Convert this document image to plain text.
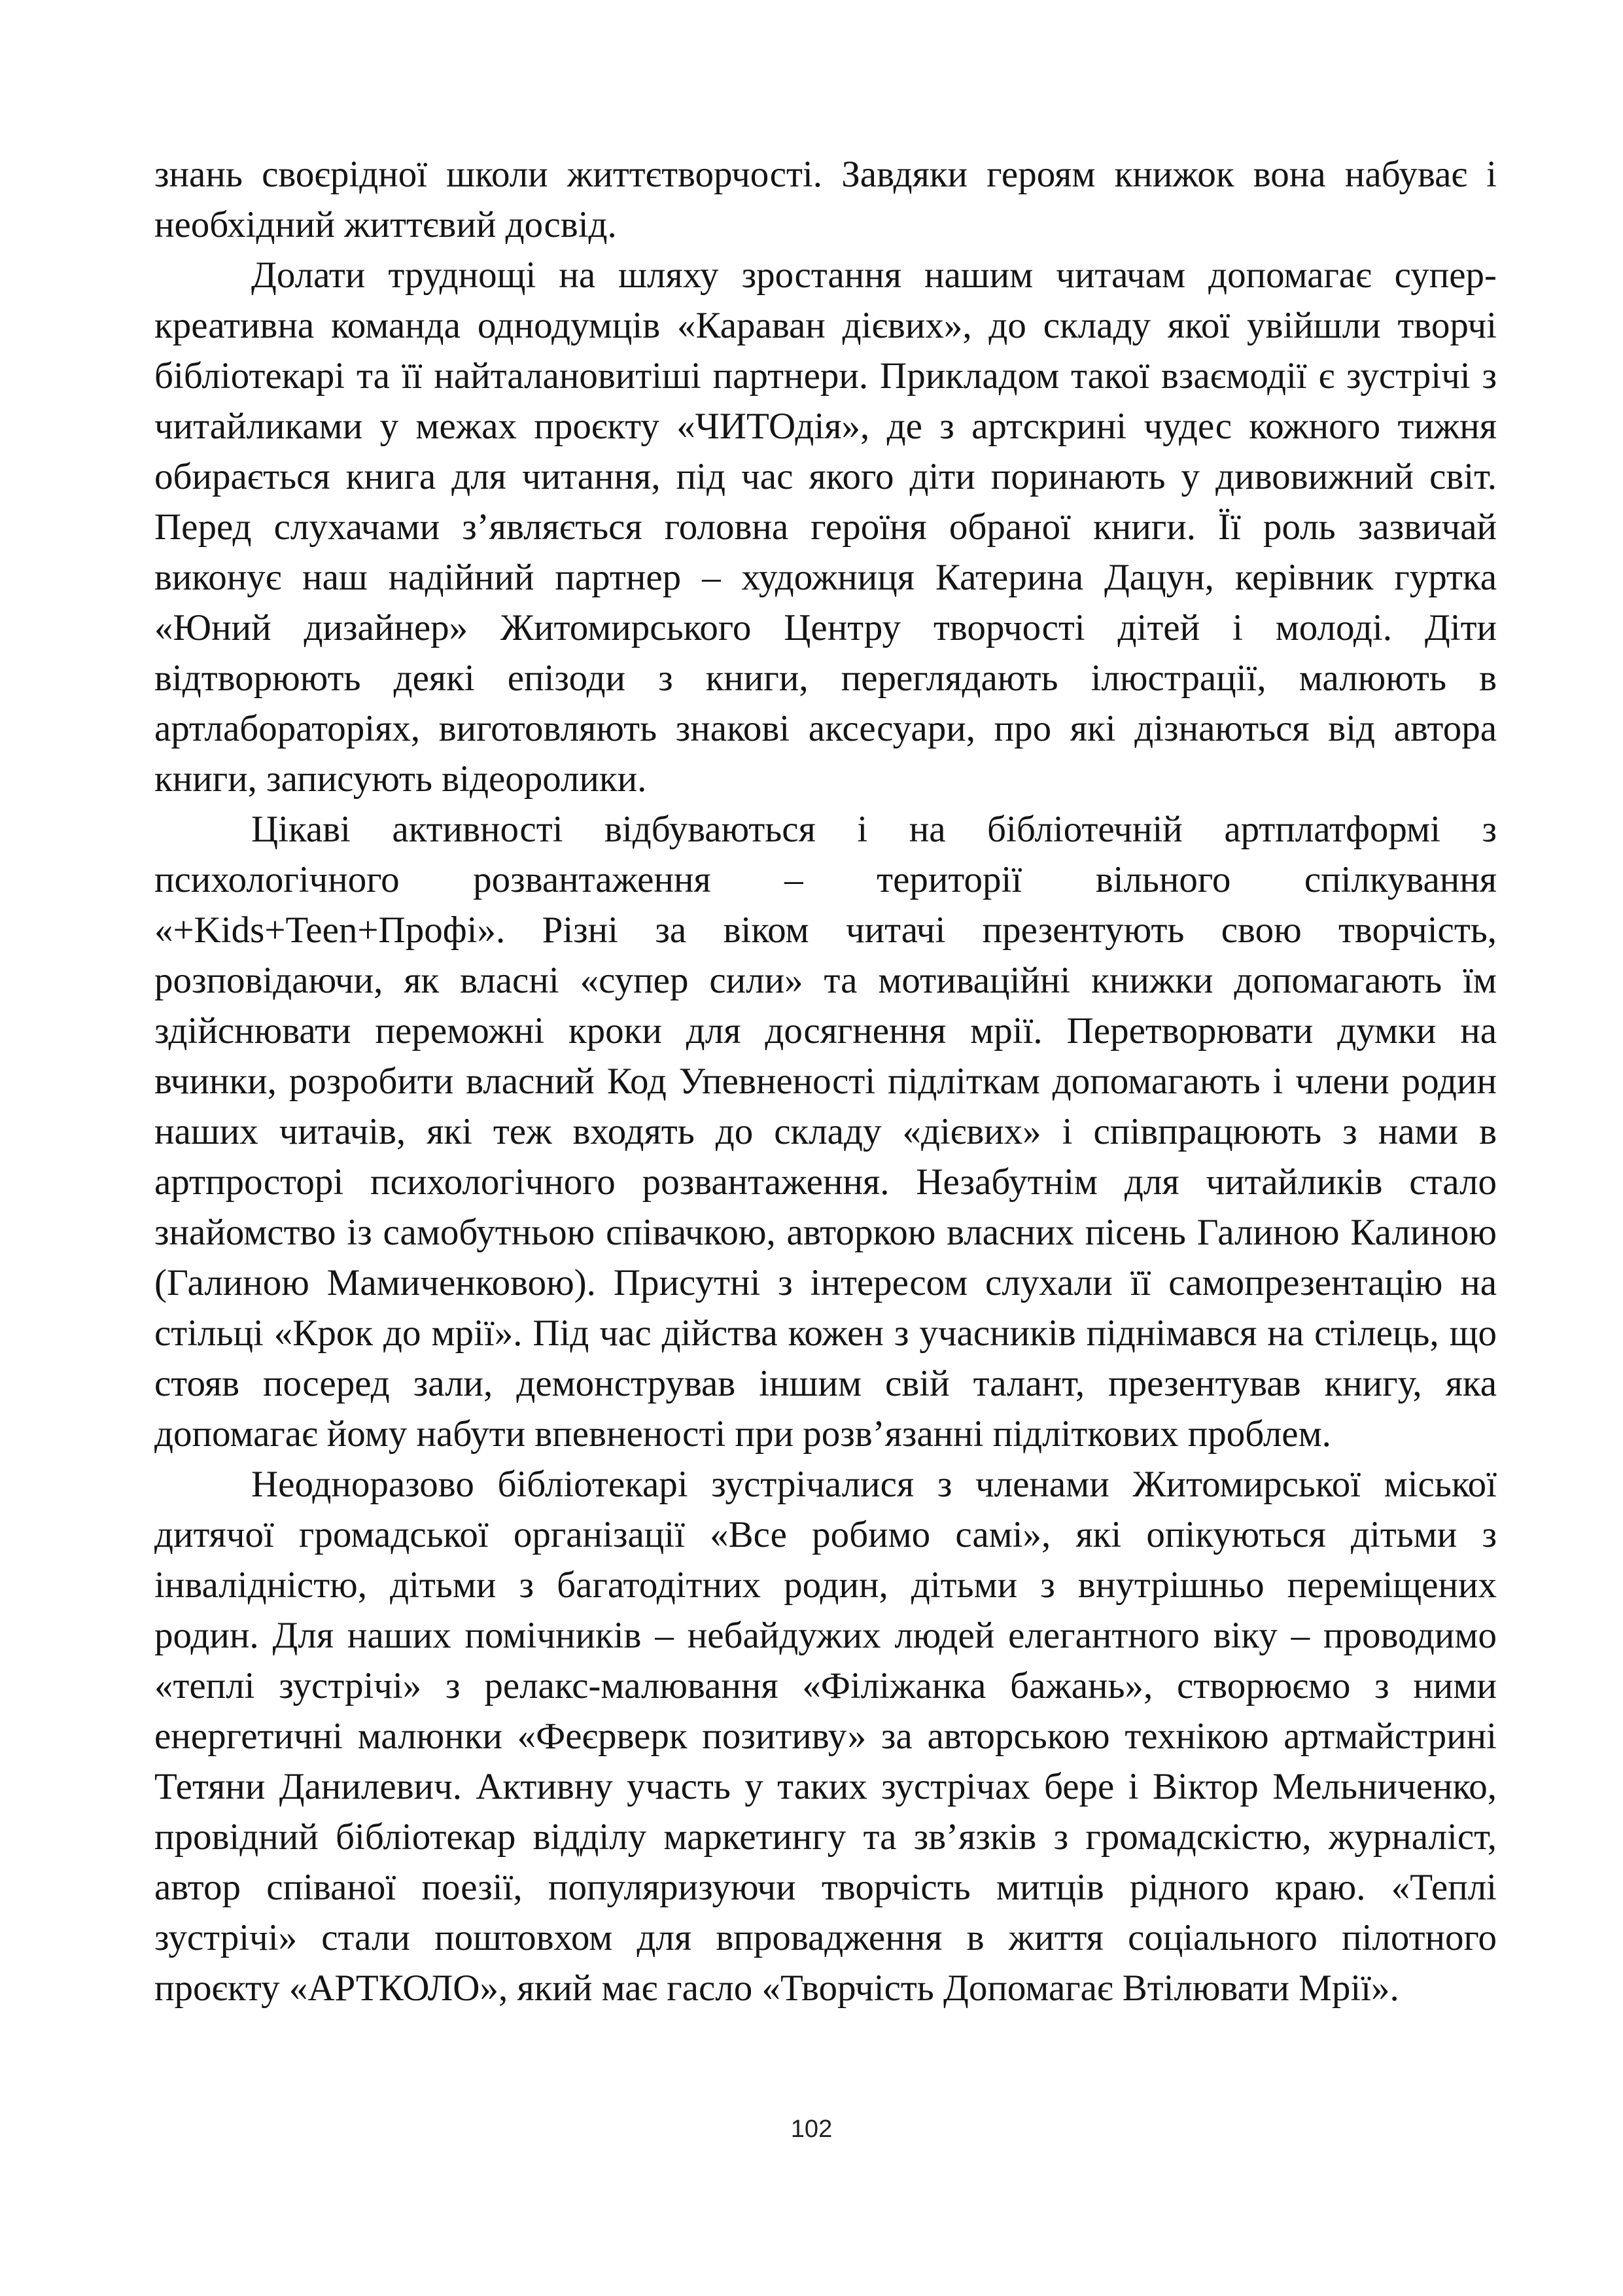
знань своєрідної школи життєтворчості. Завдяки героям книжок вона набуває і необхідний життєвий досвід.

Долати труднощі на шляху зростання нашим читачам допомагає супер-креативна команда однодумців «Караван дієвих», до складу якої увійшли творчі бібліотекарі та її найталановитіші партнери. Прикладом такої взаємодії є зустрічі з читайликами у межах проєкту «ЧИТОдія», де з артскрині чудес кожного тижня обирається книга для читання, під час якого діти поринають у дивовижний світ. Перед слухачами з’являється головна героїня обраної книги. Її роль зазвичай виконує наш надійний партнер – художниця Катерина Дацун, керівник гуртка «Юний дизайнер» Житомирського Центру творчості дітей і молоді. Діти відтворюють деякі епізоди з книги, переглядають ілюстрації, малюють в артлабораторіях, виготовляють знакові аксесуари, про які дізнаються від автора книги, записують відеоролики.

Цікаві активності відбуваються і на бібліотечній артплатформі з психологічного розвантаження – території вільного спілкування «+Kids+Teen+Профі». Різні за віком читачі презентують свою творчість, розповідаючи, як власні «супер сили» та мотиваційні книжки допомагають їм здійснювати переможні кроки для досягнення мрії. Перетворювати думки на вчинки, розробити власний Код Упевненості підліткам допомагають і члени родин наших читачів, які теж входять до складу «дієвих» і співпрацюють з нами в артпросторі психологічного розвантаження. Незабутнім для читайликів стало знайомство із самобутньою співачкою, авторкою власних пісень Галиною Калиною (Галиною Мамиченковою). Присутні з інтересом слухали її самопрезентацію на стільці «Крок до мрії». Під час дійства кожен з учасників піднімався на стілець, що стояв посеред зали, демонстрував іншим свій талант, презентував книгу, яка допомагає йому набути впевненості при розв’язанні підліткових проблем.

Неодноразово бібліотекарі зустрічалися з членами Житомирської міської дитячої громадської організації «Все робимо самі», які опікуються дітьми з інвалідністю, дітьми з багатодітних родин, дітьми з внутрішньо переміщених родин. Для наших помічників – небайдужих людей елегантного віку – проводимо «теплі зустрічі» з релакс-малювання «Філіжанка бажань», створюємо з ними енергетичні малюнки «Феєрверк позитиву» за авторською технікою артмайстрині Тетяни Данилевич. Активну участь у таких зустрічах бере і Віктор Мельниченко, провідний бібліотекар відділу маркетингу та зв’язків з громадскістю, журналіст, автор співаної поезії, популяризуючи творчість митців рідного краю. «Теплі зустрічі» стали поштовхом для впровадження в життя соціального пілотного проєкту «АРТКОЛО», який має гасло «Творчість Допомагає Втілювати Мрії».

102
